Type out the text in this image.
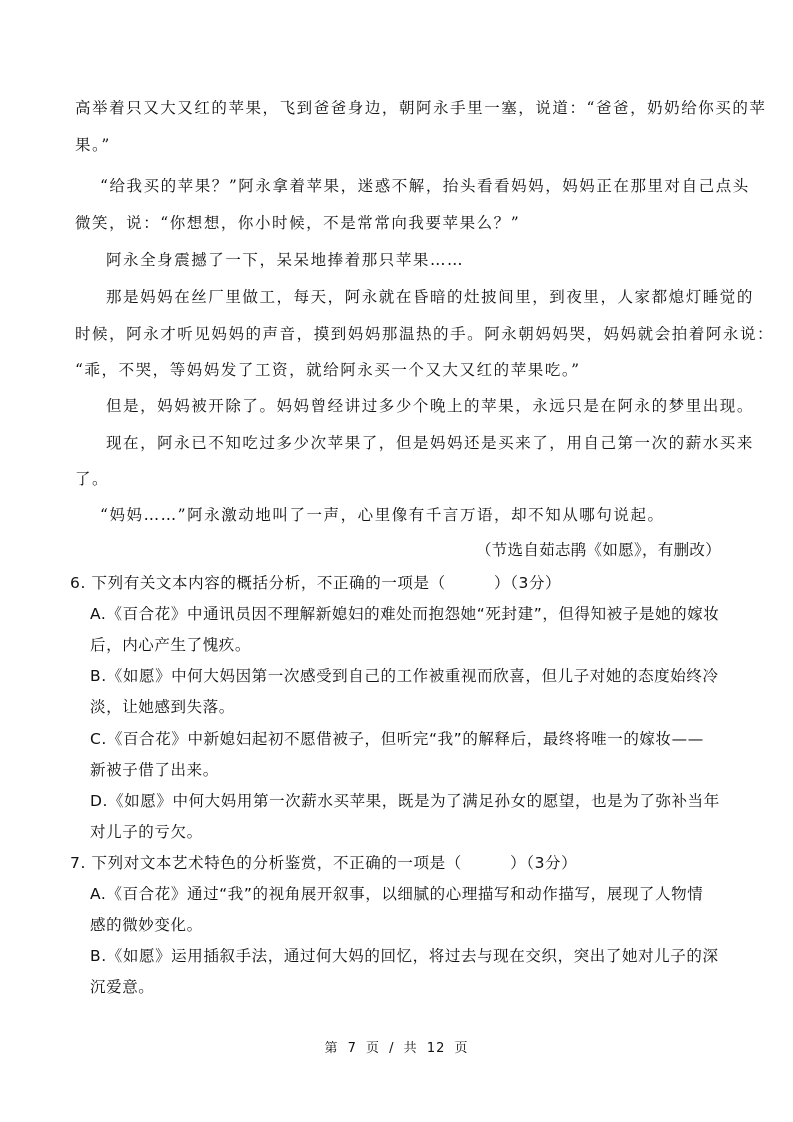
高举着只又大又红的苹果，飞到爸爸身边，朝阿永手里一塞，说道：“爸爸，奶奶给你买的苹
果。”
“给我买的苹果？”阿永拿着苹果，迷惑不解，抬头看看妈妈，妈妈正在那里对自己点头
微笑，说：“你想想，你小时候，不是常常向我要苹果么？”
阿永全身震撼了一下，呆呆地捧着那只苹果……
那是妈妈在丝厂里做工，每天，阿永就在昏暗的灶披间里，到夜里，人家都熄灯睡觉的
时候，阿永才听见妈妈的声音，摸到妈妈那温热的手。阿永朝妈妈哭，妈妈就会拍着阿永说：
“乖，不哭，等妈妈发了工资，就给阿永买一个又大又红的苹果吃。”
但是，妈妈被开除了。妈妈曾经讲过多少个晚上的苹果，永远只是在阿永的梦里出现。
现在，阿永已不知吃过多少次苹果了，但是妈妈还是买来了，用自己第一次的薪水买来
了。
“妈妈……”阿永激动地叫了一声，心里像有千言万语，却不知从哪句说起。
（节选自茹志鹃《如愿》，有删改）
6. 下列有关文本内容的概括分析，不正确的一项是（　　　）（3分）
A.《百合花》中通讯员因不理解新媳妇的难处而抱怨她“死封建”，但得知被子是她的嫁妆
后，内心产生了愧疚。
B.《如愿》中何大妈因第一次感受到自己的工作被重视而欣喜，但儿子对她的态度始终冷
淡，让她感到失落。
C.《百合花》中新媳妇起初不愿借被子，但听完“我”的解释后，最终将唯一的嫁妆——
新被子借了出来。
D.《如愿》中何大妈用第一次薪水买苹果，既是为了满足孙女的愿望，也是为了弥补当年
对儿子的亏欠。
7. 下列对文本艺术特色的分析鉴赏，不正确的一项是（　　　）（3分）
A.《百合花》通过“我”的视角展开叙事，以细腻的心理描写和动作描写，展现了人物情
感的微妙变化。
B.《如愿》运用插叙手法，通过何大妈的回忆，将过去与现在交织，突出了她对儿子的深
沉爱意。
第 7 页 / 共 12 页
